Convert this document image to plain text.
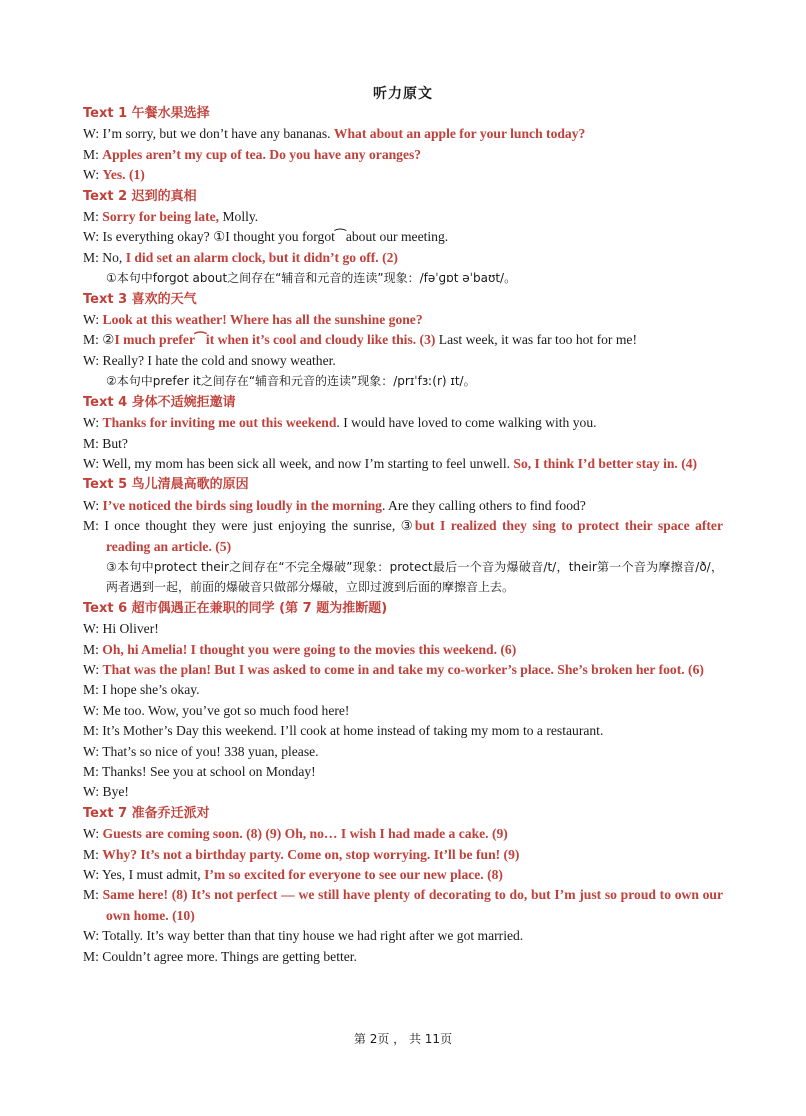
听力原文
Text 1 午餐水果选择
W: I’m sorry, but we don’t have any bananas. What about an apple for your lunch today?
M: Apples aren’t my cup of tea. Do you have any oranges?
W: Yes. (1)
Text 2 迟到的真相
M: Sorry for being late, Molly.
W: Is everything okay? ①I thought you forgot⁀about our meeting.
M: No, I did set an alarm clock, but it didn’t go off. (2)
①本句中forgot about之间存在“辅音和元音的连读”现象：/fəˈɡɒt əˈbaʊt/。
Text 3 喜欢的天气
W: Look at this weather! Where has all the sunshine gone?
M: ②I much prefer⁀it when it’s cool and cloudy like this. (3) Last week, it was far too hot for me!
W: Really? I hate the cold and snowy weather.
②本句中prefer it之间存在“辅音和元音的连读”现象：/prɪˈfɜː(r) ɪt/。
Text 4 身体不适婉拒邀请
W: Thanks for inviting me out this weekend. I would have loved to come walking with you.
M: But?
W: Well, my mom has been sick all week, and now I’m starting to feel unwell. So, I think I’d better stay in. (4)
Text 5 鸟儿清晨高歌的原因
W: I’ve noticed the birds sing loudly in the morning. Are they calling others to find food?
M: I once thought they were just enjoying the sunrise, ③but I realized they sing to protect their space after reading an article. (5)
③本句中protect their之间存在“不完全爆破”现象：protect最后一个音为爆破音/t/，their第一个音为摩擦音/ð/，两者遇到一起，前面的爆破音只做部分爆破，立即过渡到后面的摩擦音上去。
Text 6 超市偶遇正在兼职的同学 (第 7 题为推断题)
W: Hi Oliver!
M: Oh, hi Amelia! I thought you were going to the movies this weekend. (6)
W: That was the plan! But I was asked to come in and take my co-worker’s place. She’s broken her foot. (6)
M: I hope she’s okay.
W: Me too. Wow, you’ve got so much food here!
M: It’s Mother’s Day this weekend. I’ll cook at home instead of taking my mom to a restaurant.
W: That’s so nice of you! 338 yuan, please.
M: Thanks! See you at school on Monday!
W: Bye!
Text 7 准备乔迁派对
W: Guests are coming soon. (8) (9) Oh, no… I wish I had made a cake. (9)
M: Why? It’s not a birthday party. Come on, stop worrying. It’ll be fun! (9)
W: Yes, I must admit, I’m so excited for everyone to see our new place. (8)
M: Same here! (8) It’s not perfect — we still have plenty of decorating to do, but I’m just so proud to own our own home. (10)
W: Totally. It’s way better than that tiny house we had right after we got married.
M: Couldn’t agree more. Things are getting better.
第 2页 ， 共 11页
